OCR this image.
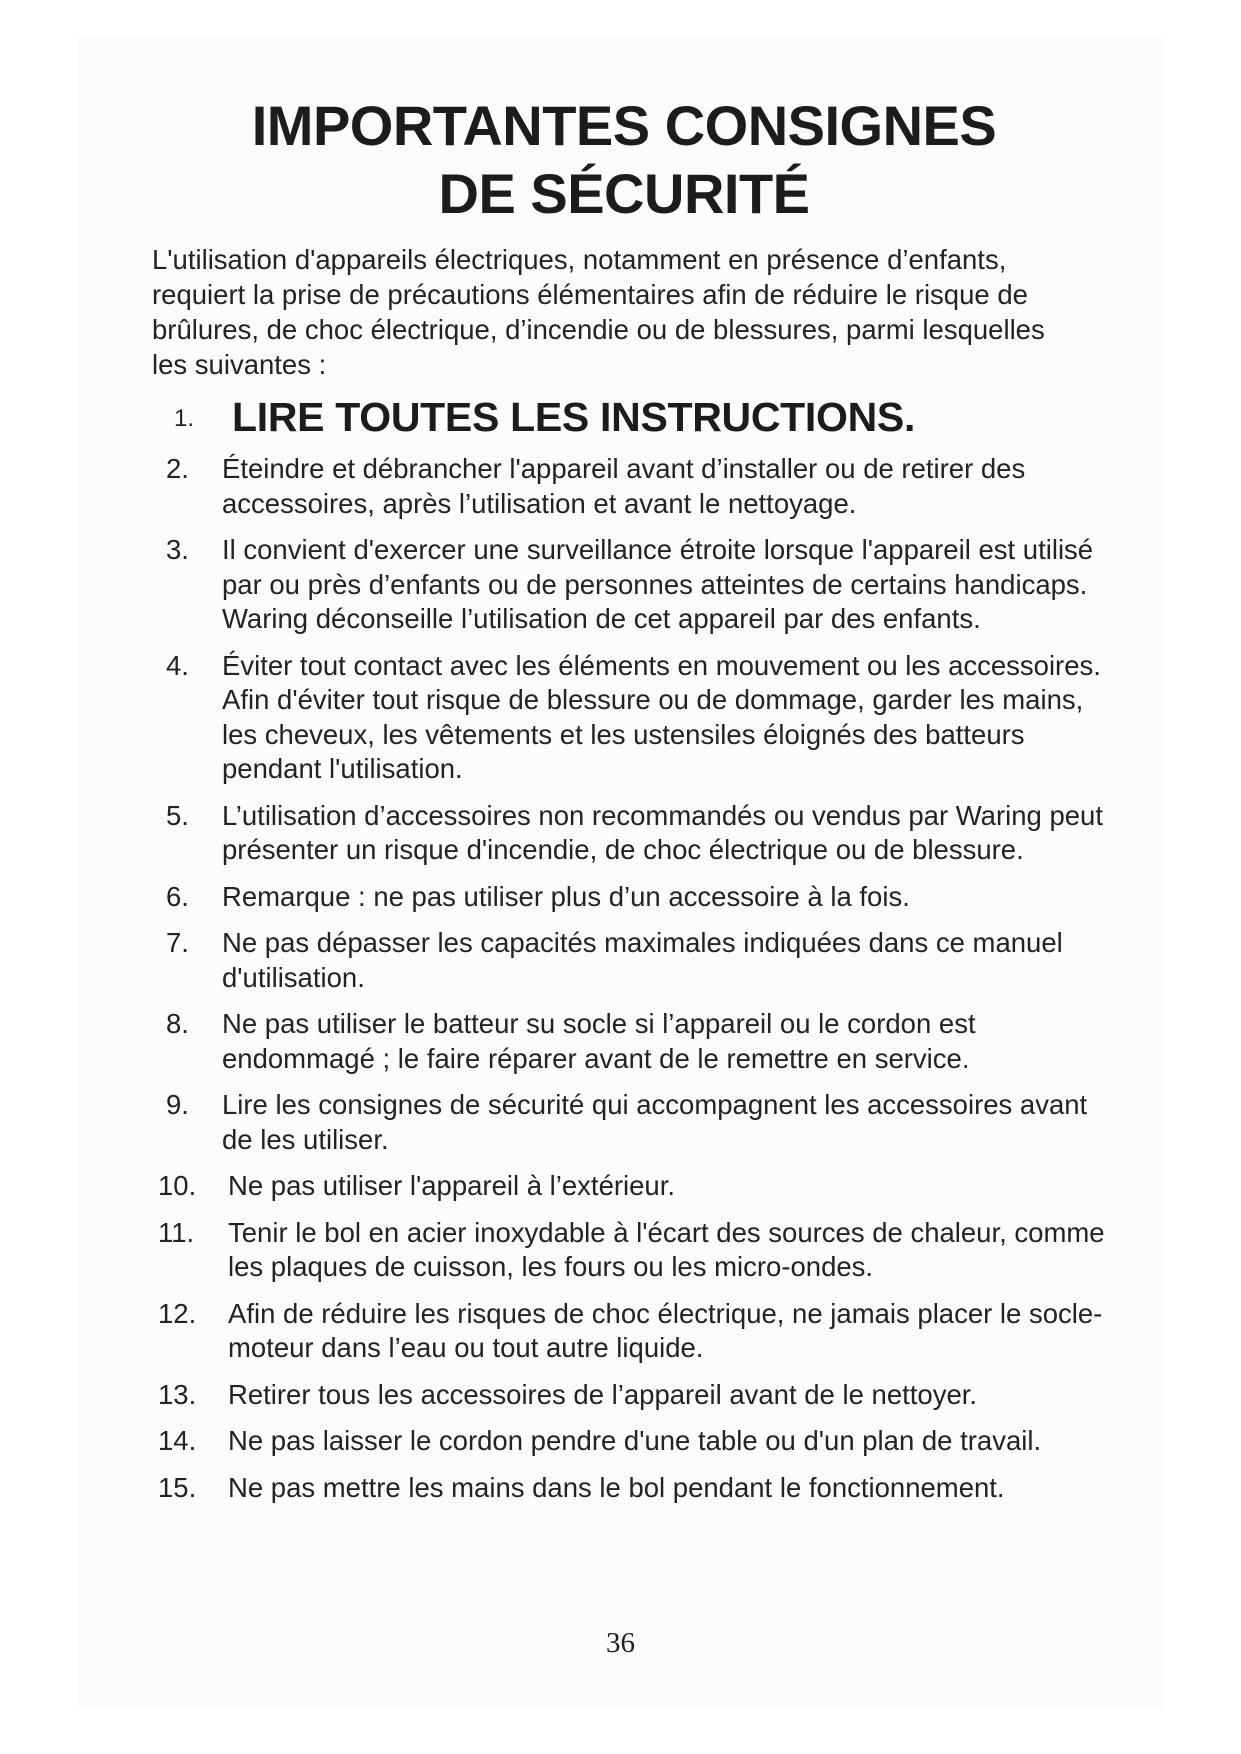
IMPORTANTES CONSIGNES
DE SÉCURITÉ

L'utilisation d'appareils électriques, notamment en présence d’enfants, requiert la prise de précautions élémentaires afin de réduire le risque de brûlures, de choc électrique, d’incendie ou de blessures, parmi lesquelles les suivantes :

1. LIRE TOUTES LES INSTRUCTIONS.
2. Éteindre et débrancher l'appareil avant d’installer ou de retirer des accessoires, après l’utilisation et avant le nettoyage.
3. Il convient d'exercer une surveillance étroite lorsque l'appareil est utilisé par ou près d’enfants ou de personnes atteintes de certains handicaps. Waring déconseille l’utilisation de cet appareil par des enfants.
4. Éviter tout contact avec les éléments en mouvement ou les accessoires. Afin d'éviter tout risque de blessure ou de dommage, garder les mains, les cheveux, les vêtements et les ustensiles éloignés des batteurs pendant l'utilisation.
5. L’utilisation d’accessoires non recommandés ou vendus par Waring peut présenter un risque d'incendie, de choc électrique ou de blessure.
6. Remarque : ne pas utiliser plus d’un accessoire à la fois.
7. Ne pas dépasser les capacités maximales indiquées dans ce manuel d'utilisation.
8. Ne pas utiliser le batteur su socle si l’appareil ou le cordon est endommagé ; le faire réparer avant de le remettre en service.
9. Lire les consignes de sécurité qui accompagnent les accessoires avant de les utiliser.
10. Ne pas utiliser l'appareil à l’extérieur.
11. Tenir le bol en acier inoxydable à l'écart des sources de chaleur, comme les plaques de cuisson, les fours ou les micro-ondes.
12. Afin de réduire les risques de choc électrique, ne jamais placer le socle-moteur dans l’eau ou tout autre liquide.
13. Retirer tous les accessoires de l’appareil avant de le nettoyer.
14. Ne pas laisser le cordon pendre d'une table ou d'un plan de travail.
15. Ne pas mettre les mains dans le bol pendant le fonctionnement.
36
